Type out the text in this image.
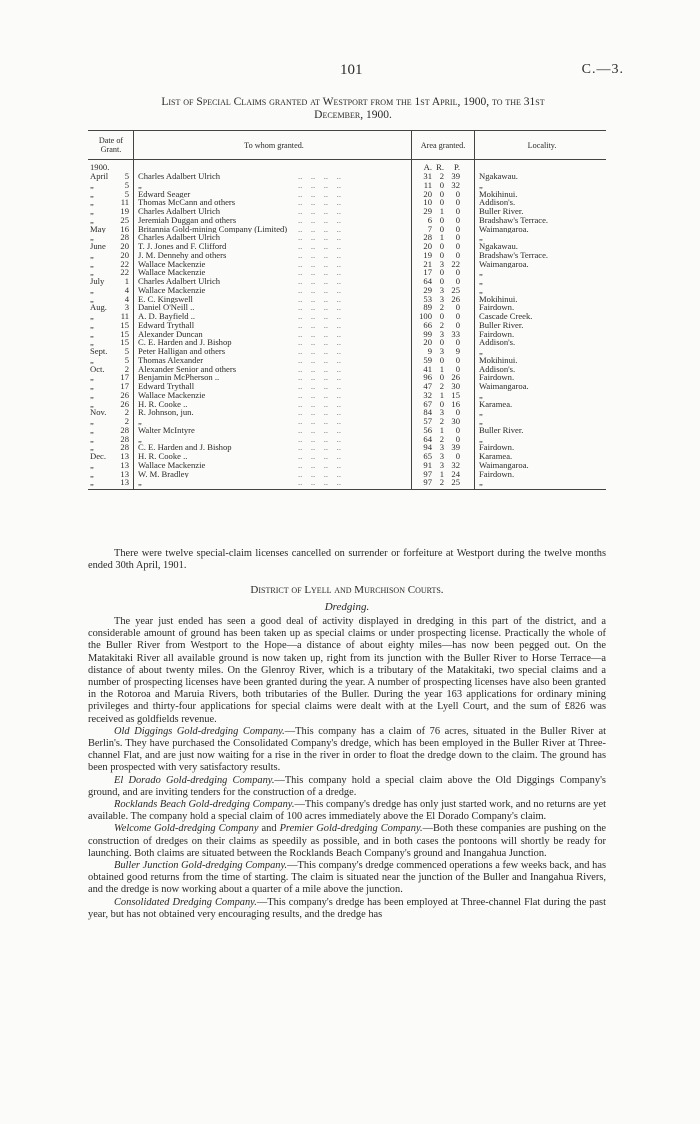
101	C.—3.
List of Special Claims granted at Westport from the 1st April, 1900, to the 31st
December, 1900.
Date of Grant.	To whom granted.	Area granted.	Locality.
1900.		A. R. P.	
April 5	Charles Adalbert Ulrich ..    ..    ..    ..	31 2 39	Ngakawau.
„ 5	„ ..    ..    ..    ..	11 0 32	„
„ 5	Edward Seager ..    ..    ..    ..	20 0 0	Mokihinui.
„ 11	Thomas McCann and others ..    ..    ..    ..	10 0 0	Addison's.
„ 19	Charles Adalbert Ulrich ..    ..    ..    ..	29 1 0	Buller River.
„ 25	Jeremiah Duggan and others ..    ..    ..    ..	6 0 0	Bradshaw's Terrace.
May 16	Britannia Gold-mining Company (Limited) ..    ..    ..    ..	7 0 0	Waimangaroa.
„ 28	Charles Adalbert Ulrich ..    ..    ..    ..	28 1 0	„
June 20	T. J. Jones and F. Clifford ..    ..    ..    ..	20 0 0	Ngakawau.
„ 20	J. M. Dennehy and others ..    ..    ..    ..	19 0 0	Bradshaw's Terrace.
„ 22	Wallace Mackenzie ..    ..    ..    ..	21 3 22	Waimangaroa.
„ 22	Wallace Mackenzie ..    ..    ..    ..	17 0 0	„
July 1	Charles Adalbert Ulrich ..    ..    ..    ..	64 0 0	„
„ 4	Wallace Mackenzie ..    ..    ..    ..	29 3 25	„
„ 4	E. C. Kingswell ..    ..    ..    ..	53 3 26	Mokihinui.
Aug. 3	Daniel O'Neill .. ..    ..    ..    ..	89 2 0	Fairdown.
„ 11	A. D. Bayfield .. ..    ..    ..    ..	100 0 0	Cascade Creek.
„ 15	Edward Trythall ..    ..    ..    ..	66 2 0	Buller River.
„ 15	Alexander Duncan ..    ..    ..    ..	99 3 33	Fairdown.
„ 15	C. E. Harden and J. Bishop ..    ..    ..    ..	20 0 0	Addison's.
Sept. 5	Peter Halligan and others ..    ..    ..    ..	9 3 9	„
„ 5	Thomas Alexander ..    ..    ..    ..	59 0 0	Mokihinui.
Oct. 2	Alexander Senior and others ..    ..    ..    ..	41 1 0	Addison's.
„ 17	Benjamin McPherson .. ..    ..    ..    ..	96 0 26	Fairdown.
„ 17	Edward Trythall ..    ..    ..    ..	47 2 30	Waimangaroa.
„ 26	Wallace Mackenzie ..    ..    ..    ..	32 1 15	„
„ 26	H. R. Cooke .. ..    ..    ..    ..	67 0 16	Karamea.
Nov. 2	R. Johnson, jun. ..    ..    ..    ..	84 3 0	„
„ 2	„ ..    ..    ..    ..	57 2 30	„
„ 28	Walter McIntyre ..    ..    ..    ..	56 1 0	Buller River.
„ 28	„ ..    ..    ..    ..	64 2 0	„
„ 28	C. E. Harden and J. Bishop ..    ..    ..    ..	94 3 39	Fairdown.
Dec. 13	H. R. Cooke .. ..    ..    ..    ..	65 3 0	Karamea.
„ 13	Wallace Mackenzie ..    ..    ..    ..	91 3 32	Waimangaroa.
„ 13	W. M. Bradley ..    ..    ..    ..	97 1 24	Fairdown.
„ 13	„ ..    ..    ..    ..	97 2 25	„

There were twelve special-claim licenses cancelled on surrender or forfeiture at Westport during the twelve months ended 30th April, 1901.

District of Lyell and Murchison Courts.
Dredging.

The year just ended has seen a good deal of activity displayed in dredging in this part of the district, and a considerable amount of ground has been taken up as special claims or under prospecting license. Practically the whole of the Buller River from Westport to the Hope—a distance of about eighty miles—has now been pegged out. On the Matakitaki River all available ground is now taken up, right from its junction with the Buller River to Horse Terrace—a distance of about twenty miles. On the Glenroy River, which is a tributary of the Matakitaki, two special claims and a number of prospecting licenses have been granted during the year. A number of prospecting licenses have also been granted in the Rotoroa and Maruia Rivers, both tributaries of the Buller. During the year 163 applications for ordinary mining privileges and thirty-four applications for special claims were dealt with at the Lyell Court, and the sum of £826 was received as goldfields revenue.

Old Diggings Gold-dredging Company.—This company has a claim of 76 acres, situated in the Buller River at Berlin's. They have purchased the Consolidated Company's dredge, which has been employed in the Buller River at Three-channel Flat, and are just now waiting for a rise in the river in order to float the dredge down to the claim. The ground has been prospected with very satisfactory results.

El Dorado Gold-dredging Company.—This company hold a special claim above the Old Diggings Company's ground, and are inviting tenders for the construction of a dredge.

Rocklands Beach Gold-dredging Company.—This company's dredge has only just started work, and no returns are yet available. The company hold a special claim of 100 acres immediately above the El Dorado Company's claim.

Welcome Gold-dredging Company and Premier Gold-dredging Company.—Both these companies are pushing on the construction of dredges on their claims as speedily as possible, and in both cases the pontoons will shortly be ready for launching. Both claims are situated between the Rocklands Beach Company's ground and Inangahua Junction.

Buller Junction Gold-dredging Company.—This company's dredge commenced operations a few weeks back, and has obtained good returns from the time of starting. The claim is situated near the junction of the Buller and Inangahua Rivers, and the dredge is now working about a quarter of a mile above the junction.

Consolidated Dredging Company.—This company's dredge has been employed at Three-channel Flat during the past year, but has not obtained very encouraging results, and the dredge has
